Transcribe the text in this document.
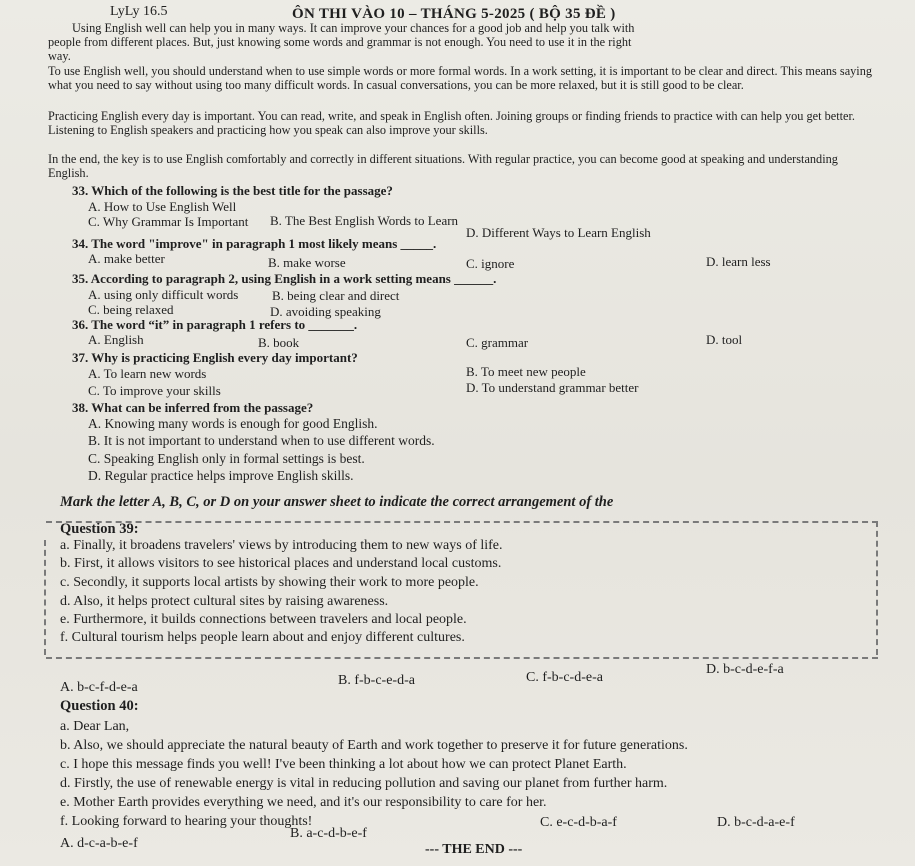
LyLy 16.5	ÔN THI VÀO 10 – THÁNG 5-2025 ( BỘ 35 ĐỀ )
Using English well can help you in many ways. It can improve your chances for a good job and help you talk with
people from different places. But, just knowing some words and grammar is not enough. You need to use it in the right
way.
To use English well, you should understand when to use simple words or more formal words. In a work setting, it is important to be clear and direct. This means saying what you need to say without using too many difficult words. In casual conversations, you can be more relaxed, but it is still good to be clear.
Practicing English every day is important. You can read, write, and speak in English often. Joining groups or finding friends to practice with can help you get better. Listening to English speakers and practicing how you speak can also improve your skills.
In the end, the key is to use English comfortably and correctly in different situations. With regular practice, you can become good at speaking and understanding English.
33. Which of the following is the best title for the passage?
A. How to Use English Well
B. The Best English Words to Learn
C. Why Grammar Is Important
D. Different Ways to Learn English
34. The word "improve" in paragraph 1 most likely means _____.
A. make better	B. make worse	C. ignore	D. learn less
35. According to paragraph 2, using English in a work setting means ______.
A. using only difficult words	B. being clear and direct
C. being relaxed	D. avoiding speaking
36. The word “it” in paragraph 1 refers to _______.
A. English	B. book	C. grammar	D. tool
37. Why is practicing English every day important?
A. To learn new words	B. To meet new people
C. To improve your skills	D. To understand grammar better
38. What can be inferred from the passage?
A. Knowing many words is enough for good English.
B. It is not important to understand when to use different words.
C. Speaking English only in formal settings is best.
D. Regular practice helps improve English skills.
Mark the letter A, B, C, or D on your answer sheet to indicate the correct arrangement of the
Question 39:
a. Finally, it broadens travelers' views by introducing them to new ways of life.
b. First, it allows visitors to see historical places and understand local customs.
c. Secondly, it supports local artists by showing their work to more people.
d. Also, it helps protect cultural sites by raising awareness.
e. Furthermore, it builds connections between travelers and local people.
f. Cultural tourism helps people learn about and enjoy different cultures.
A. b-c-f-d-e-a	B. f-b-c-e-d-a	C. f-b-c-d-e-a
D. b-c-d-e-f-a
Question 40:
a. Dear Lan,
b. Also, we should appreciate the natural beauty of Earth and work together to preserve it for future generations.
c. I hope this message finds you well! I've been thinking a lot about how we can protect Planet Earth.
d. Firstly, the use of renewable energy is vital in reducing pollution and saving our planet from further harm.
e. Mother Earth provides everything we need, and it's our responsibility to care for her.
f. Looking forward to hearing your thoughts!
A. d-c-a-b-e-f
B. a-c-d-b-e-f
C. e-c-d-b-a-f	D. b-c-d-a-e-f
--- THE END ---
